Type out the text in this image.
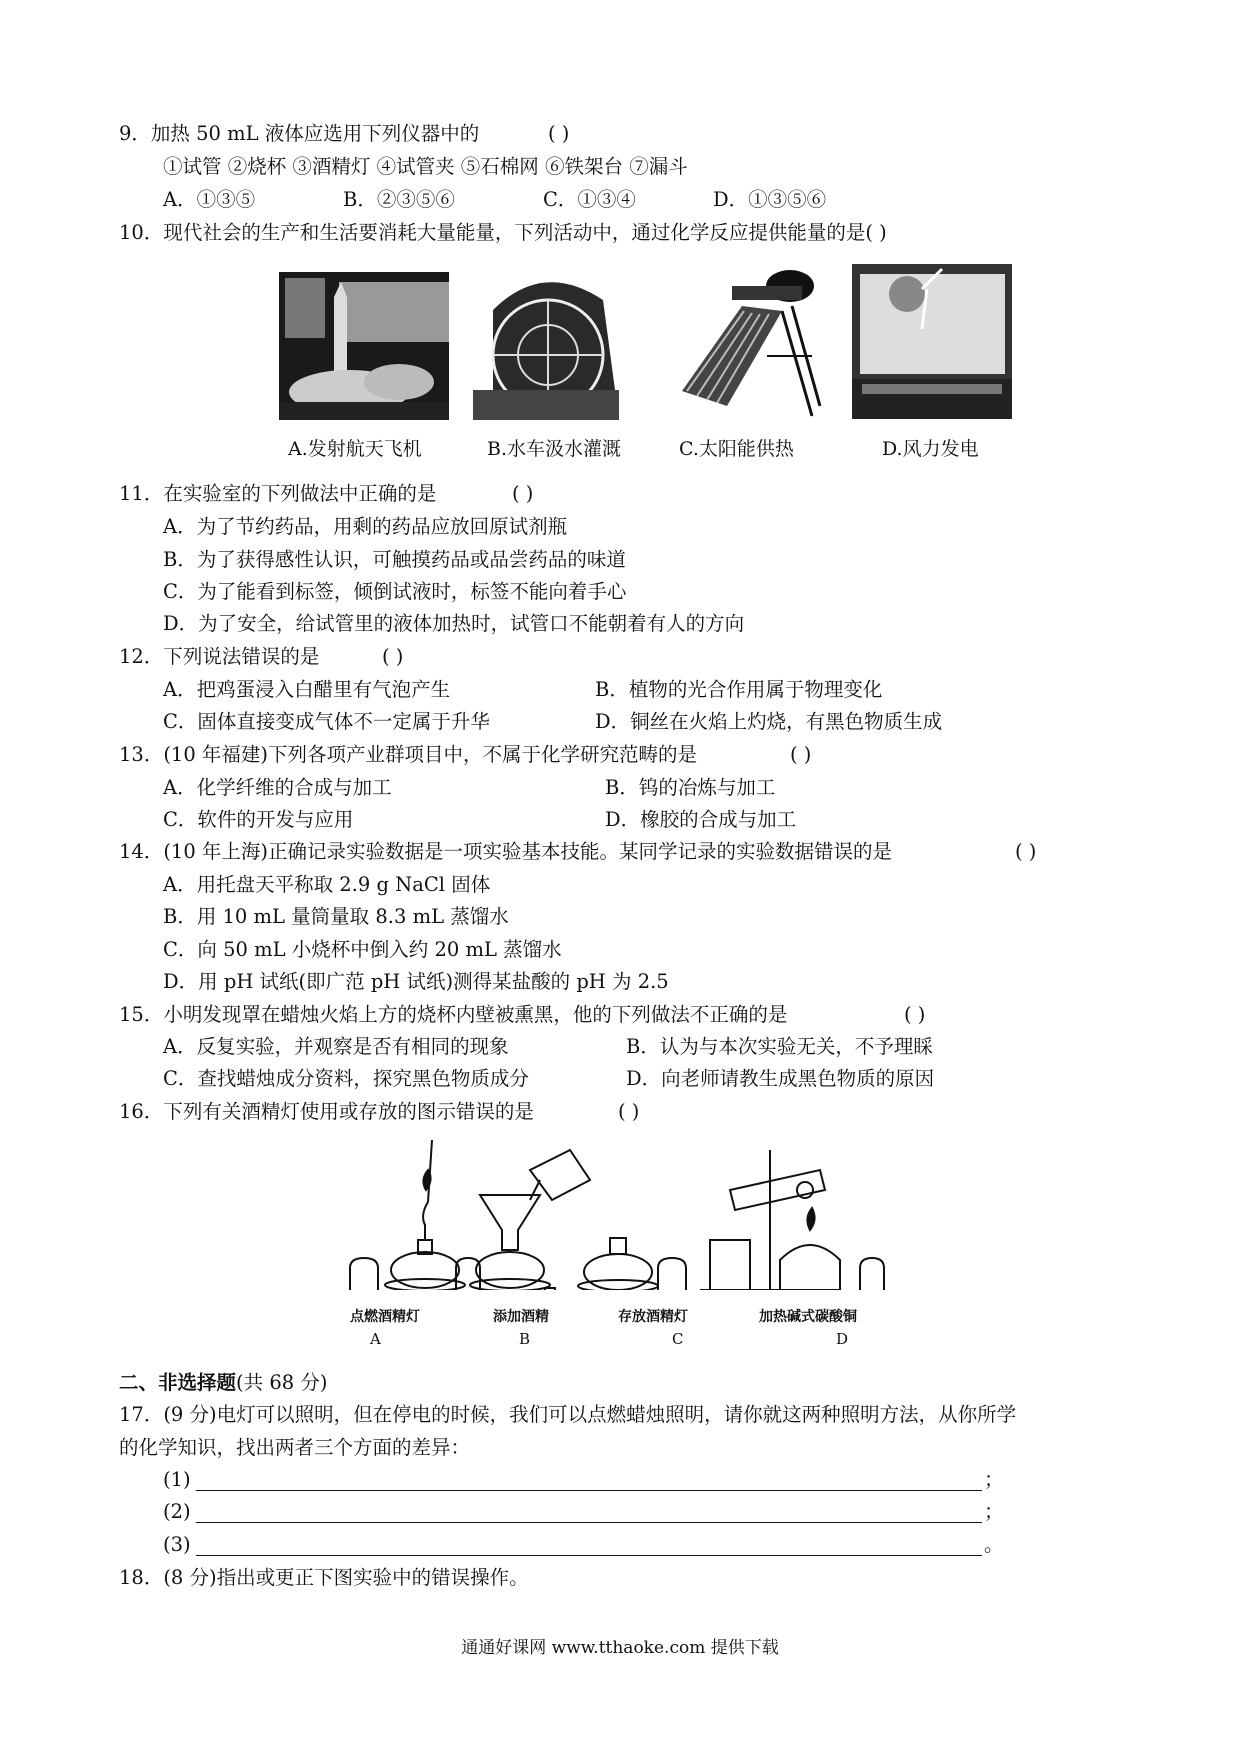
9．加热 50 mL 液体应选用下列仪器中的	( )
①试管 ②烧杯 ③酒精灯 ④试管夹 ⑤石棉网 ⑥铁架台 ⑦漏斗
A．①③⑤	B．②③⑤⑥	C．①③④	D．①③⑤⑥
10．现代社会的生产和生活要消耗大量能量，下列活动中，通过化学反应提供能量的是( )
A.发射航天飞机	B.水车汲水灌溉	C.太阳能供热	D.风力发电
11．在实验室的下列做法中正确的是	( )
A．为了节约药品，用剩的药品应放回原试剂瓶
B．为了获得感性认识，可触摸药品或品尝药品的味道
C．为了能看到标签，倾倒试液时，标签不能向着手心
D．为了安全，给试管里的液体加热时，试管口不能朝着有人的方向
12．下列说法错误的是	( )
A．把鸡蛋浸入白醋里有气泡产生	B．植物的光合作用属于物理变化
C．固体直接变成气体不一定属于升华	D．铜丝在火焰上灼烧，有黑色物质生成
13．(10 年福建)下列各项产业群项目中，不属于化学研究范畴的是	( )
A．化学纤维的合成与加工	B．钨的冶炼与加工
C．软件的开发与应用	D．橡胶的合成与加工
14．(10 年上海)正确记录实验数据是一项实验基本技能。某同学记录的实验数据错误的是	( )
A．用托盘天平称取 2.9 g NaCl 固体
B．用 10 mL 量筒量取 8.3 mL 蒸馏水
C．向 50 mL 小烧杯中倒入约 20 mL 蒸馏水
D．用 pH 试纸(即广范 pH 试纸)测得某盐酸的 pH 为 2.5
15．小明发现罩在蜡烛火焰上方的烧杯内壁被熏黑，他的下列做法不正确的是	( )
A．反复实验，并观察是否有相同的现象	B．认为与本次实验无关，不予理睬
C．查找蜡烛成分资料，探究黑色物质成分	D．向老师请教生成黑色物质的原因
16．下列有关酒精灯使用或存放的图示错误的是	( )
点燃酒精灯	添加酒精	存放酒精灯	加热碱式碳酸铜
A	B	C	D
二、非选择题(共 68 分)
17．(9 分)电灯可以照明，但在停电的时候，我们可以点燃蜡烛照明，请你就这两种照明方法，从你所学
的化学知识，找出两者三个方面的差异：
(1)	；
(2)	；
(3)	。
18．(8 分)指出或更正下图实验中的错误操作。
通通好课网 www.tthaoke.com 提供下载
